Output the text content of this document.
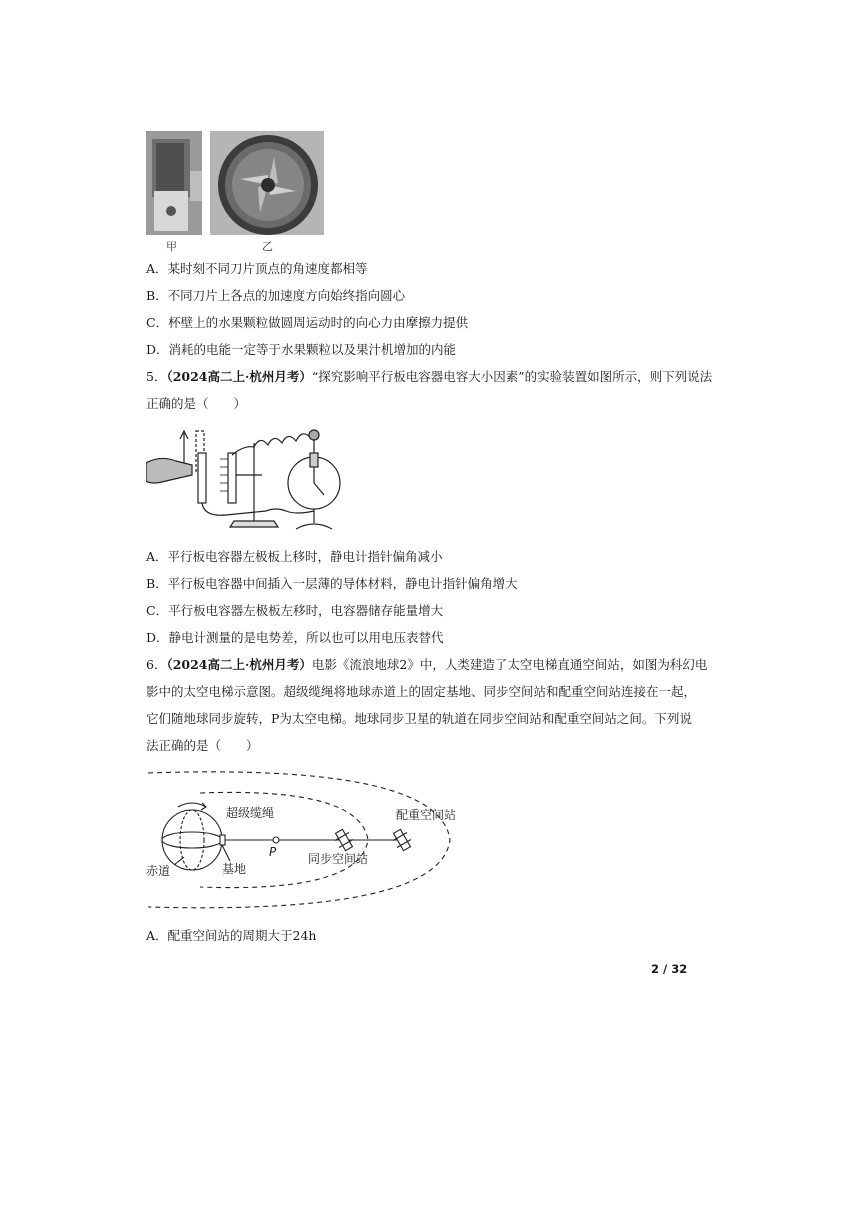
甲	乙
A．某时刻不同刀片顶点的角速度都相等
B．不同刀片上各点的加速度方向始终指向圆心
C．杯壁上的水果颗粒做圆周运动时的向心力由摩擦力提供
D．消耗的电能一定等于水果颗粒以及果汁机增加的内能
5．（2024高二上·杭州月考）“探究影响平行板电容器电容大小因素”的实验装置如图所示，则下列说法
正确的是（　　）
A．平行板电容器左极板上移时，静电计指针偏角减小
B．平行板电容器中间插入一层薄的导体材料，静电计指针偏角增大
C．平行板电容器左极板左移时，电容器储存能量增大
D．静电计测量的是电势差，所以也可以用电压表替代
6．（2024高二上·杭州月考）电影《流浪地球2》中，人类建造了太空电梯直通空间站，如图为科幻电
影中的太空电梯示意图。超级缆绳将地球赤道上的固定基地、同步空间站和配重空间站连接在一起，
它们随地球同步旋转，P为太空电梯。地球同步卫星的轨道在同步空间站和配重空间站之间。下列说
法正确的是（　　）
超级缆绳	配重空间站
P	同步空间站
赤道	基地
A．配重空间站的周期大于24h
2 / 32
